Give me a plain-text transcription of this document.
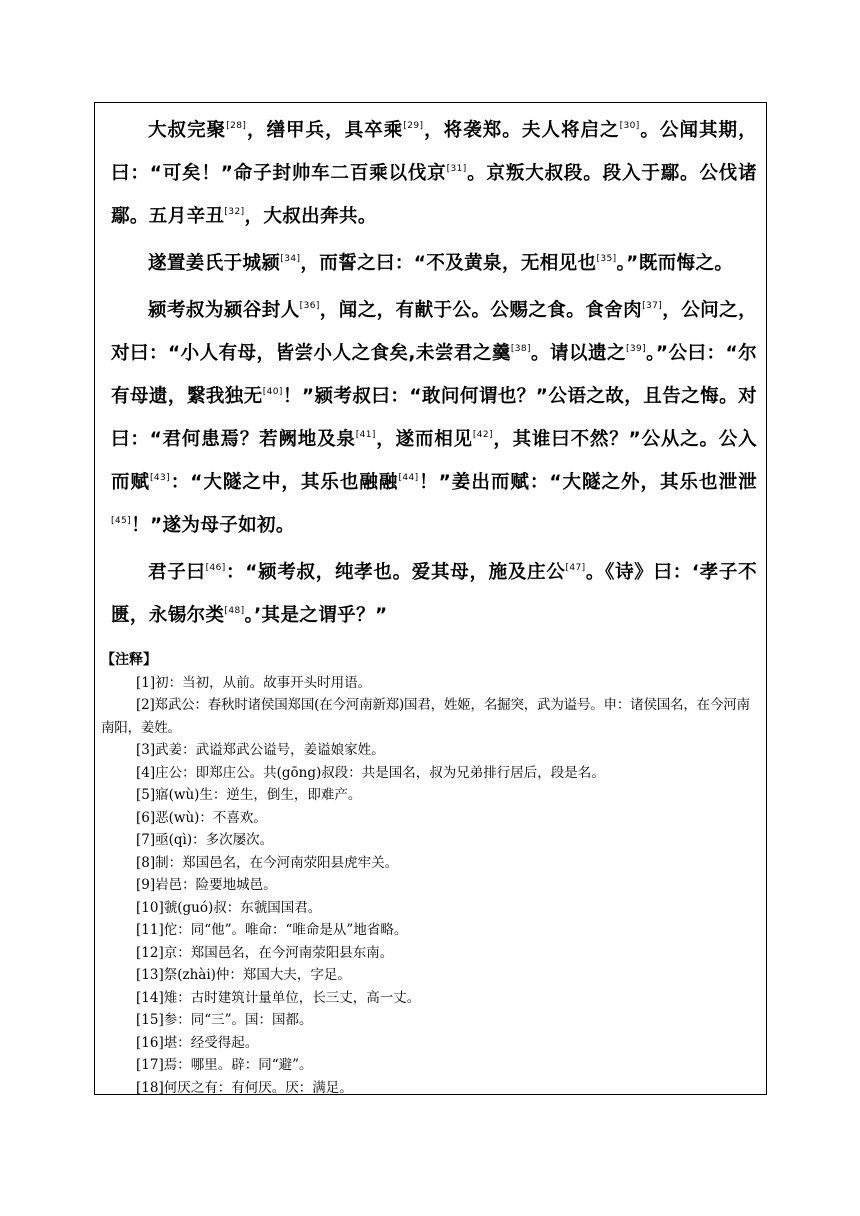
大叔完聚[28]，缮甲兵，具卒乘[29]，将袭郑。夫人将启之[30]。公闻其期，曰：“可矣！”命子封帅车二百乘以伐京[31]。京叛大叔段。段入于鄢。公伐诸鄢。五月辛丑[32]，大叔出奔共。

遂置姜氏于城颍[34]，而誓之曰：“不及黄泉，无相见也[35]。”既而悔之。

颍考叔为颍谷封人[36]，闻之，有献于公。公赐之食。食舍肉[37]，公问之，对曰：“小人有母，皆尝小人之食矣,未尝君之羹[38]。请以遗之[39]。”公曰：“尔有母遗，繄我独无[40]！”颍考叔曰：“敢问何谓也？”公语之故，且告之悔。对曰：“君何患焉？若阙地及泉[41]，遂而相见[42]，其谁曰不然？”公从之。公入而赋[43]：“大隧之中，其乐也融融[44]！”姜出而赋：“大隧之外，其乐也泄泄[45]！”遂为母子如初。

君子曰[46]：“颍考叔，纯孝也。爱其母，施及庄公[47]。《诗》曰：‘孝子不匮，永锡尔类[48]。’其是之谓乎？”

【注释】
[1]初：当初，从前。故事开头时用语。
[2]郑武公：春秋时诸侯国郑国(在今河南新郑)国君，姓姬，名掘突，武为谥号。申：诸侯国名，在今河南南阳，姜姓。
[3]武姜：武谥郑武公谥号，姜谥娘家姓。
[4]庄公：即郑庄公。共(gōng)叔段：共是国名，叔为兄弟排行居后，段是名。
[5]寤(wù)生：逆生，倒生，即难产。
[6]恶(wù)：不喜欢。
[7]亟(qì)：多次屡次。
[8]制：郑国邑名，在今河南荥阳县虎牢关。
[9]岩邑：险要地城邑。
[10]虢(guó)叔：东虢国国君。
[11]佗：同“他”。唯命：“唯命是从”地省略。
[12]京：郑国邑名，在今河南荥阳县东南。
[13]祭(zhài)仲：郑国大夫，字足。
[14]雉：古时建筑计量单位，长三丈，高一丈。
[15]参：同“三”。国：国都。
[16]堪：经受得起。
[17]焉：哪里。辟：同“避”。
[18]何厌之有：有何厌。厌：满足。
